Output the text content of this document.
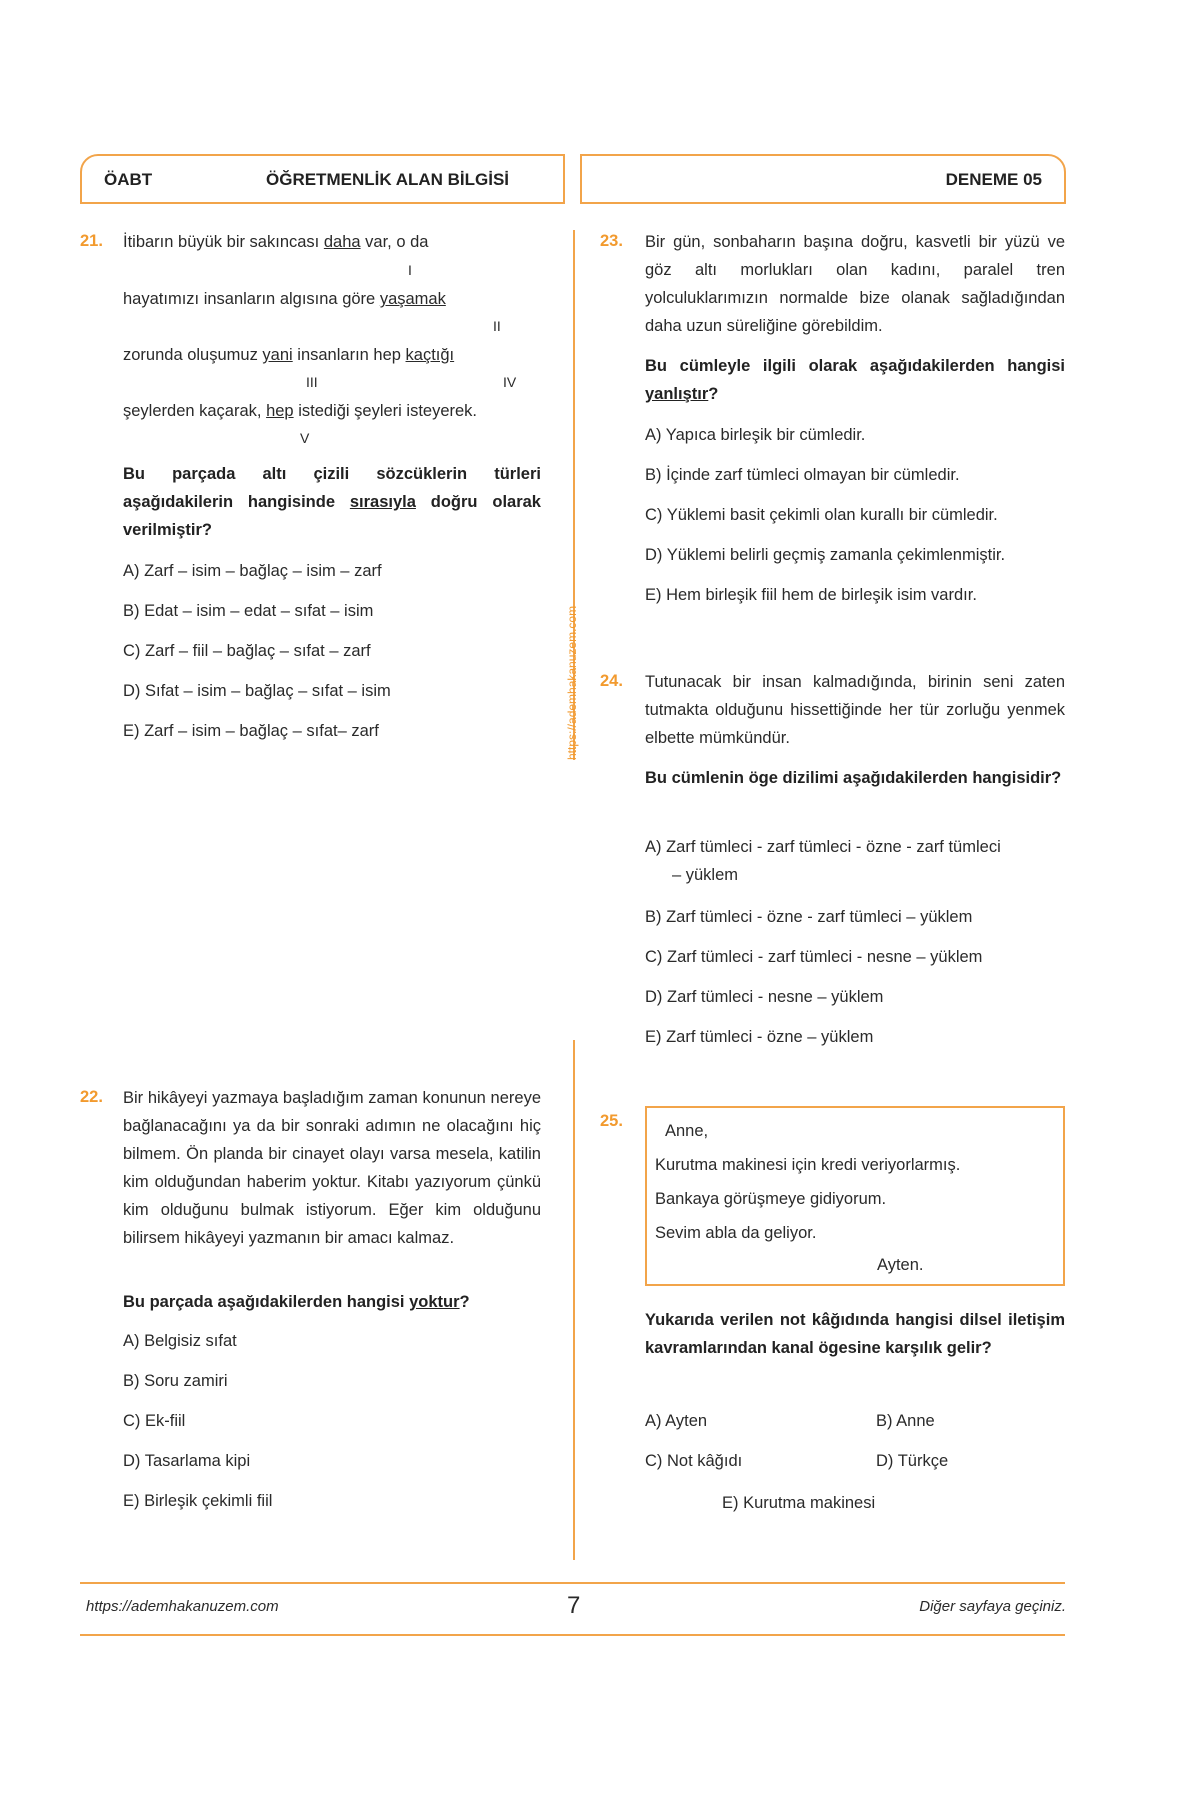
ÖABT	ÖĞRETMENLİK ALAN BİLGİSİ	DENEME 05
https://ademhakanuzem.com
21. İtibarın büyük bir sakıncası daha var, o da
I
hayatımızı insanların algısına göre yaşamak
II
zorunda oluşumuz yani insanların hep kaçtığı
III	IV
şeylerden kaçarak, hep istediği şeyleri isteyerek.
V
Bu parçada altı çizili sözcüklerin türleri aşağıdakilerin hangisinde sırasıyla doğru olarak verilmiştir?
A) Zarf – isim – bağlaç – isim – zarf
B) Edat – isim – edat – sıfat – isim
C) Zarf – fiil – bağlaç – sıfat – zarf
D) Sıfat – isim – bağlaç – sıfat – isim
E) Zarf – isim – bağlaç – sıfat– zarf
22. Bir hikâyeyi yazmaya başladığım zaman konunun nereye bağlanacağını ya da bir sonraki adımın ne olacağını hiç bilmem. Ön planda bir cinayet olayı varsa mesela, katilin kim olduğundan haberim yoktur. Kitabı yazıyorum çünkü kim olduğunu bulmak istiyorum. Eğer kim olduğunu bilirsem hikâyeyi yazmanın bir amacı kalmaz.
Bu parçada aşağıdakilerden hangisi yoktur?
A) Belgisiz sıfat
B) Soru zamiri
C) Ek-fiil
D) Tasarlama kipi
E) Birleşik çekimli fiil
23. Bir gün, sonbaharın başına doğru, kasvetli bir yüzü ve göz altı morlukları olan kadını, paralel tren yolculuklarımızın normalde bize olanak sağladığından daha uzun süreliğine görebildim.
Bu cümleyle ilgili olarak aşağıdakilerden hangisi yanlıştır?
A) Yapıca birleşik bir cümledir.
B) İçinde zarf tümleci olmayan bir cümledir.
C) Yüklemi basit çekimli olan kurallı bir cümledir.
D) Yüklemi belirli geçmiş zamanla çekimlenmiştir.
E) Hem birleşik fiil hem de birleşik isim vardır.
24. Tutunacak bir insan kalmadığında, birinin seni zaten tutmakta olduğunu hissettiğinde her tür zorluğu yenmek elbette mümkündür.
Bu cümlenin öge dizilimi aşağıdakilerden hangisidir?
A) Zarf tümleci - zarf tümleci - özne - zarf tümleci
– yüklem
B) Zarf tümleci - özne - zarf tümleci – yüklem
C) Zarf tümleci - zarf tümleci - nesne – yüklem
D) Zarf tümleci - nesne – yüklem
E) Zarf tümleci - özne – yüklem
25.
Anne,
Kurutma makinesi için kredi veriyorlarmış.
Bankaya görüşmeye gidiyorum.
Sevim abla da geliyor.
Ayten.
Yukarıda verilen not kâğıdında hangisi dilsel iletişim kavramlarından kanal ögesine karşılık gelir?
A) Ayten	B) Anne
C) Not kâğıdı	D) Türkçe
E) Kurutma makinesi
https://ademhakanuzem.com	7	Diğer sayfaya geçiniz.
